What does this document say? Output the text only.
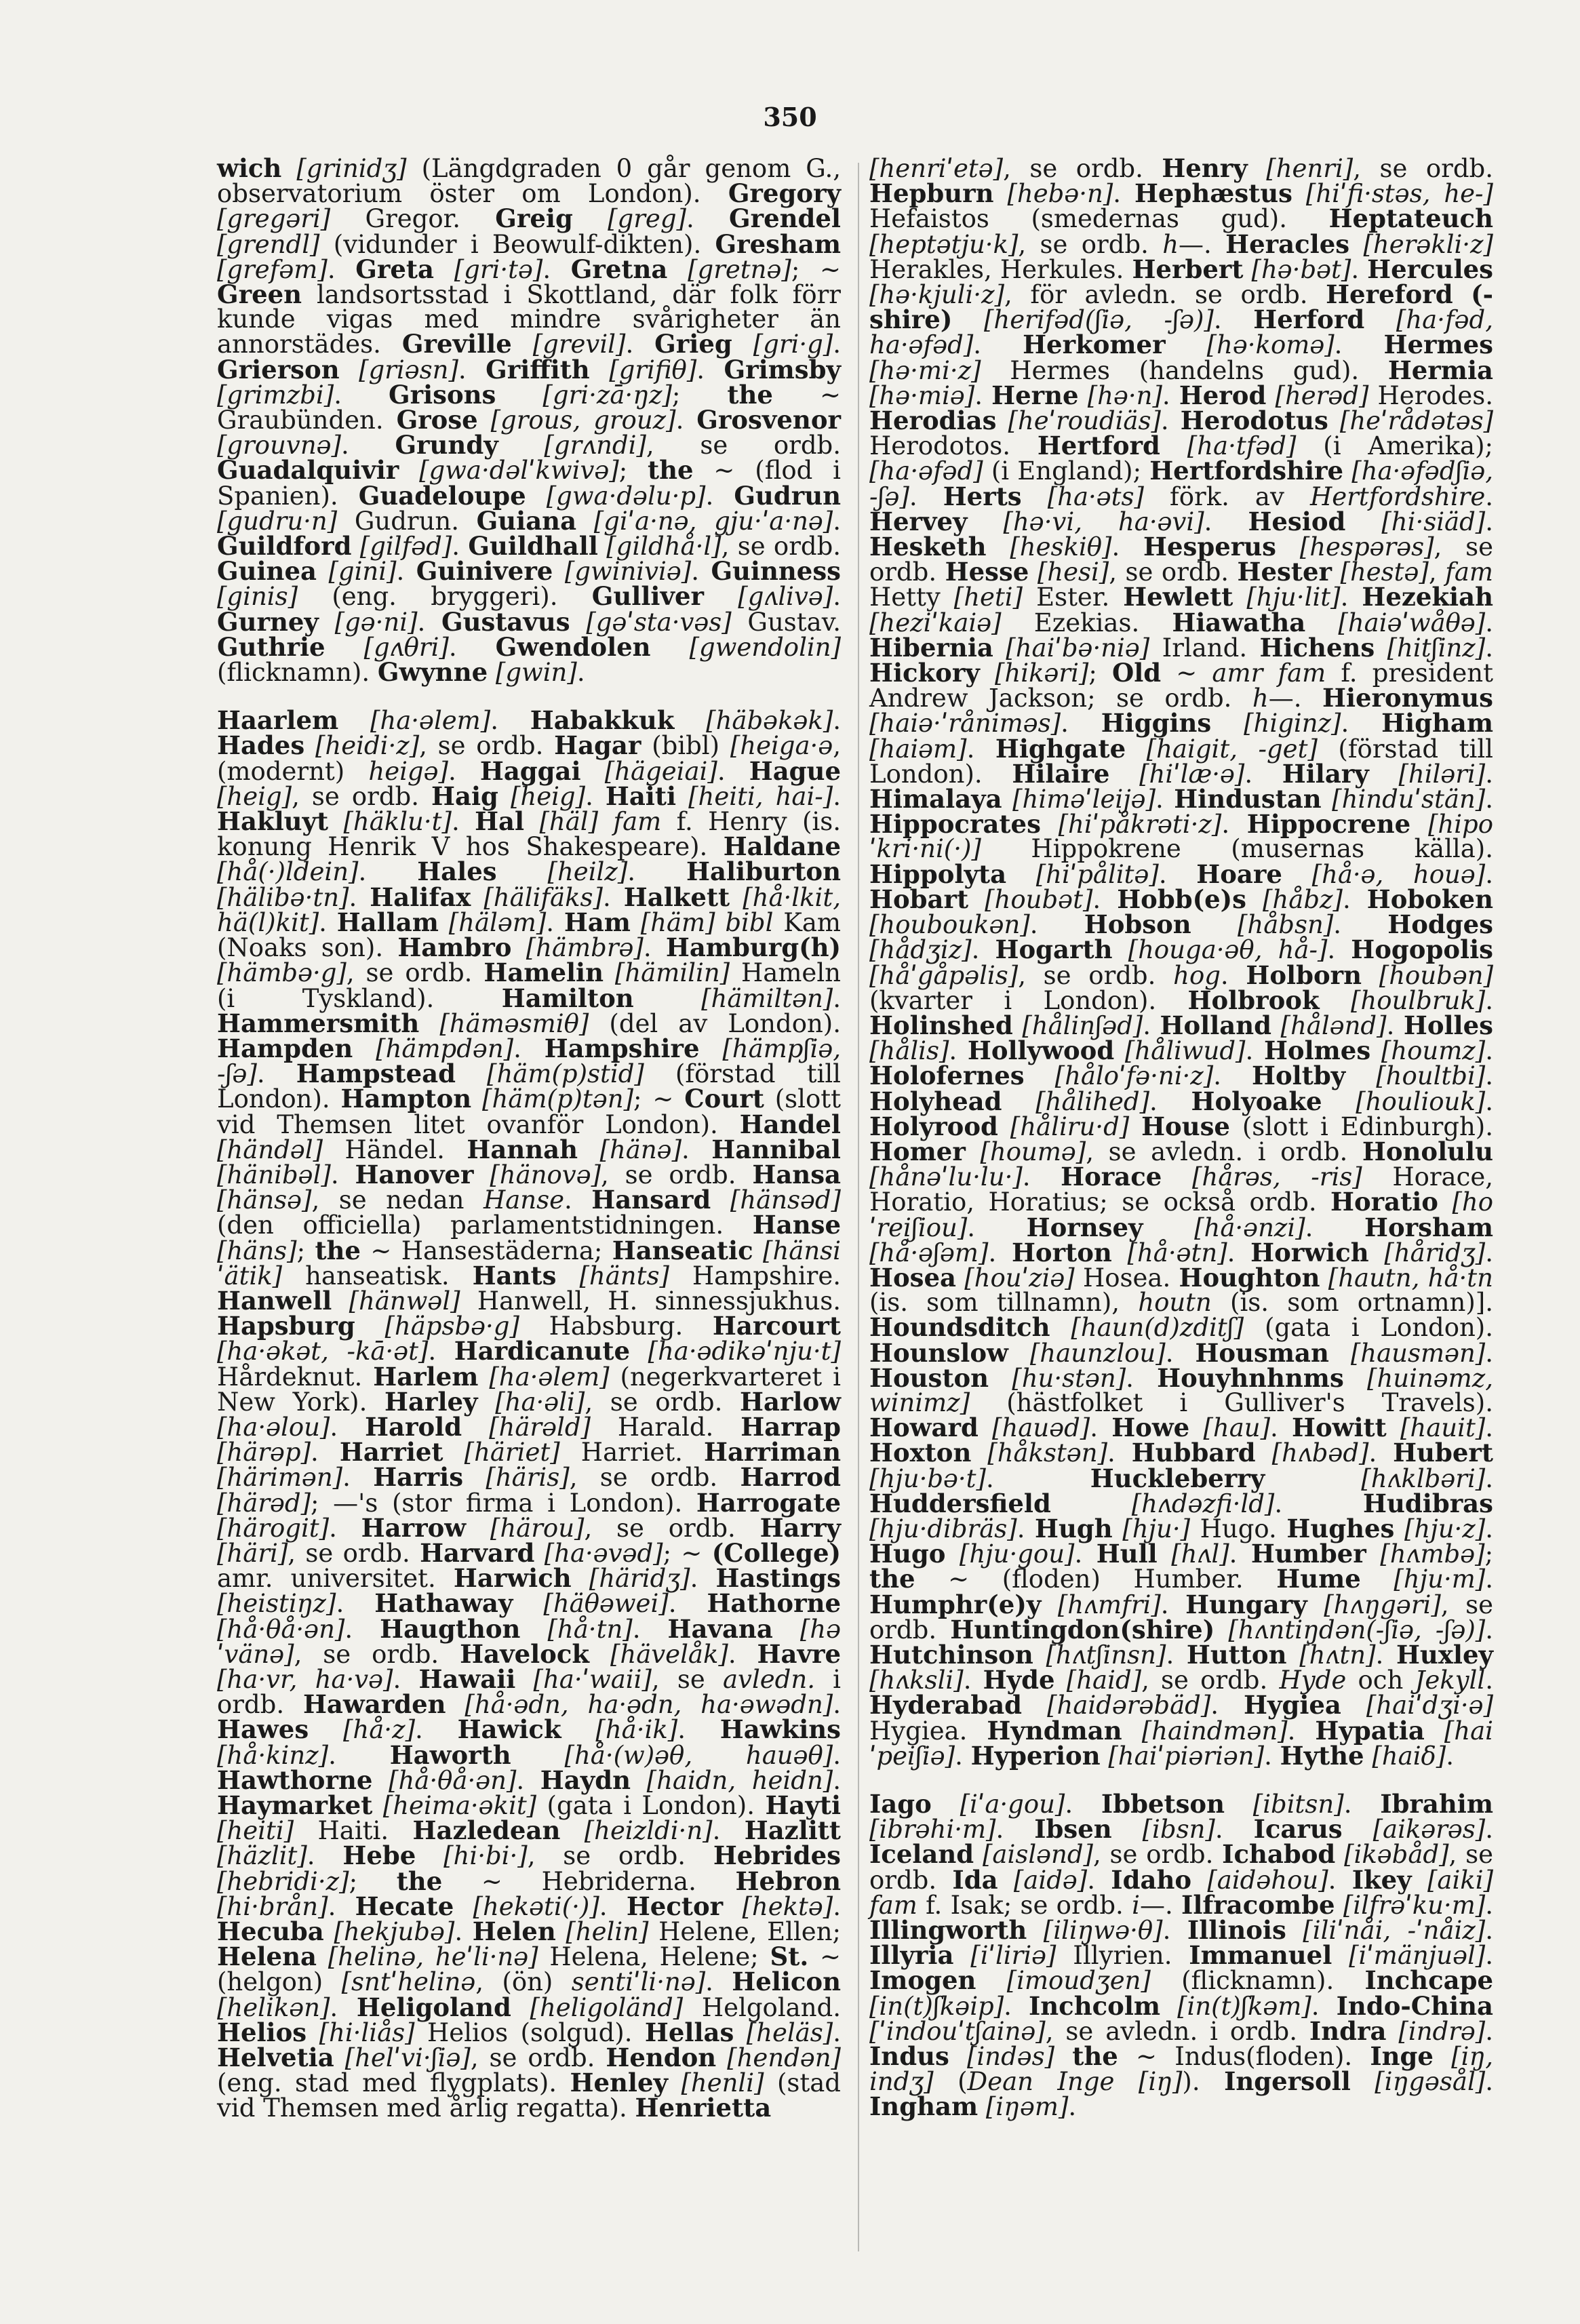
350

wich [grinidʒ] (Längdgraden 0 går genom G., observatorium öster om London). Gregory [gregəri] Gregor. Greig [greg]. Grendel [grendl] (vidunder i Beowulf-dikten). Gresham [grefəm]. Greta [gri·tə]. Gretna [gretnə]; ~ Green landsortsstad i Skottland, där folk förr kunde vigas med mindre svårigheter än annorstädes. Greville [grevil]. Grieg [gri·g]. Grierson [griəsn]. Griffith [grifiθ]. Grimsby [grimzbi]. Grisons [gri·zā·ŋz]; the ~ Graubünden. Grose [grous, grouz]. Grosvenor [grouvnə]. Grundy [grʌndi], se ordb. Guadalquivir [gwa·dəlˈkwivə]; the ~ (flod i Spanien). Guadeloupe [gwa·dəlu·p]. Gudrun [gudru·n] Gudrun. Guiana [giˈa·nə, gju·ˈa·nə]. Guildford [gilfəd]. Guildhall [gildhå·l], se ordb. Guinea [gini]. Guinivere [gwiniviə]. Guinness [ginis] (eng. bryggeri). Gulliver [gʌlivə]. Gurney [gə·ni]. Gustavus [gəˈsta·vəs] Gustav. Guthrie [gʌθri]. Gwendolen [gwendolin] (flicknamn). Gwynne [gwin].

Haarlem [ha·əlem]. Habakkuk [häbəkək]. Hades [heidi·z], se ordb. Hagar (bibl) [heiga·ə, (modernt) heigə]. Haggai [hägeiai]. Hague [heig], se ordb. Haig [heig]. Haiti [heiti, hai-]. Hakluyt [häklu·t]. Hal [häl] fam f. Henry (is. konung Henrik V hos Shakespeare). Haldane [hå(·)ldein]. Hales [heilz]. Haliburton [hälibə·tn]. Halifax [hälifäks]. Halkett [hå·lkit, hä(l)kit]. Hallam [häləm]. Ham [häm] bibl Kam (Noaks son). Hambro [hämbrə]. Hamburg(h) [hämbə·g], se ordb. Hamelin [hämilin] Hameln (i Tyskland). Hamilton	[hämiltən]. Hammersmith [häməsmiθ] (del av London). Hampden [hämpdən]. Hampshire [hämpʃiə, -ʃə]. Hampstead [häm(p)stid] (förstad till London). Hampton [häm(p)tən]; ~ Court (slott vid Themsen litet ovanför London). Handel [händəl] Händel. Hannah [hänə]. Hannibal [hänibəl]. Hanover [hänovə], se ordb. Hansa [hänsə], se nedan Hanse. Hansard [hänsəd] (den officiella) parlamentstidningen. Hanse [häns]; the ~ Hansestäderna; Hanseatic [hänsiˈätik] hanseatisk. Hants [hänts] Hampshire. Hanwell [hänwəl] Hanwell, H. sinnessjukhus. Hapsburg [häpsbə·g] Habsburg. Harcourt [ha·əkət, -kā·ət]. Hardicanute [ha·ədikəˈnju·t] Hårdeknut. Harlem [ha·əlem] (negerkvarteret i New York). Harley [ha·əli], se ordb. Harlow [ha·əlou]. Harold [härəld] Harald. Harrap [härəp]. Harriet [häriet] Harriet. Harriman [härimən]. Harris [häris], se ordb. Harrod [härəd]; —'s (stor firma i London). Harrogate [härogit]. Harrow [härou], se ordb. Harry [häri], se ordb. Harvard [ha·əvəd]; ~ (College) amr. universitet. Harwich [häridʒ]. Hastings [heistiŋz]. Hathaway [häθəwei]. Hathorne [hå·θå·ən]. Haugthon [hå·tn]. Havana [həˈvänə], se ordb. Havelock [hävelåk]. Havre [ha·vr, ha·və]. Hawaii [ha·ˈwaii], se avledn. i ordb. Hawarden [hå·ədn, ha·ədn, ha·əwədn]. Hawes [hå·z]. Hawick [hå·ik]. Hawkins [hå·kinz]. Haworth [hå·(w)əθ, hauəθ]. Hawthorne [hå·θå·ən]. Haydn [haidn, heidn]. Haymarket [heima·əkit] (gata i London). Hayti [heiti] Haiti. Hazledean [heizldi·n]. Hazlitt [häzlit]. Hebe [hi·bi·], se ordb. Hebrides [hebridi·z]; the ~ Hebriderna. Hebron [hi·brån]. Hecate [hekəti(·)]. Hector [hektə]. Hecuba [hekjubə]. Helen [helin] Helene, Ellen; Helena [helinə, heˈli·nə] Helena, Helene; St. ~ (helgon) [sntˈhelinə, (ön) sentiˈli·nə]. Helicon [helikən]. Heligoland [heligoländ] Helgoland. Helios [hi·liås] Helios (solgud). Hellas [heläs]. Helvetia [helˈvi·ʃiə], se ordb. Hendon [hendən] (eng. stad med flygplats). Henley [henli] (stad vid Themsen med årlig regatta). Henrietta

[henriˈetə], se ordb. Henry [henri], se ordb. Hepburn [hebə·n]. Hephæstus [hiˈfi·stəs, he-] Hefaistos (smedernas gud). Heptateuch [heptətju·k], se ordb. h—. Heracles [herəkli·z] Herakles, Herkules. Herbert [hə·bət]. Hercules [hə·kjuli·z], för avledn. se ordb. Hereford (-shire) [herifəd(ʃiə, -ʃə)]. Herford [ha·fəd, ha·əfəd]. Herkomer [hə·komə]. Hermes [hə·mi·z] Hermes (handelns gud). Hermia [hə·miə]. Herne [hə·n]. Herod [herəd] Herodes. Herodias [heˈroudiäs]. Herodotus [heˈrådətəs] Herodotos. Hertford [ha·tfəd] (i Amerika); [ha·əfəd] (i England); Hertfordshire [ha·əfədʃiə, -ʃə]. Herts [ha·əts] förk. av Hertfordshire. Hervey [hə·vi, ha·əvi]. Hesiod [hi·siäd]. Hesketh [heskiθ]. Hesperus [hespərəs], se ordb. Hesse [hesi], se ordb. Hester [hestə], fam Hetty [heti] Ester. Hewlett [hju·lit]. Hezekiah [heziˈkaiə] Ezekias. Hiawatha [haiəˈwåθə]. Hibernia [haiˈbə·niə] Irland. Hichens [hitʃinz]. Hickory [hikəri]; Old ~ amr fam f. president Andrew Jackson; se ordb. h—. Hieronymus [haiə·ˈrånimәs]. Higgins [higinz]. Higham [haiəm]. Highgate [haigit, -get] (förstad till London). Hilaire [hiˈlæ·ə]. Hilary [hiləri]. Himalaya [himəˈleijə]. Hindustan [hinduˈstän]. Hippocrates [hiˈpåkrəti·z]. Hippocrene [hipoˈkri·ni(·)] Hippokrene (musernas källa). Hippolyta [hiˈpålitə]. Hoare [hå·ə, houə]. Hobart [houbət]. Hobb(e)s [håbz]. Hoboken [houboukən]. Hobson [håbsn]. Hodges [hådʒiz]. Hogarth [houga·əθ, hå-]. Hogopolis [håˈgåpəlis], se ordb. hog. Holborn [houbən] (kvarter i London). Holbrook [houlbruk]. Holinshed [hålinʃəd]. Holland [hålənd]. Holles [hålis]. Hollywood [håliwud]. Holmes [houmz]. Holofernes [håloˈfə·ni·z]. Holtby [houltbi]. Holyhead [hålihed]. Holyoake [houliouk]. Holyrood [håliru·d] House (slott i Edinburgh). Homer [houmə], se avledn. i ordb. Honolulu [hånəˈlu·lu·]. Horace [hårəs, -ris] Horace, Horatio, Horatius; se också ordb. Horatio [hoˈreiʃiou]. Hornsey [hå·ənzi]. Horsham [hå·əʃəm]. Horton [hå·ətn]. Horwich [håridʒ]. Hosea [houˈziə] Hosea. Houghton [hautn, hå·tn (is. som tillnamn), houtn (is. som ortnamn)]. Houndsditch [haun(d)zditʃ] (gata i London). Hounslow [haunzlou]. Housman [hausmən]. Houston [hu·stən]. Houyhnhnms [huinəmz, winimz] (hästfolket i Gulliver's Travels). Howard [hauəd]. Howe [hau]. Howitt [hauit]. Hoxton [håkstən]. Hubbard [hʌbəd]. Hubert [hju·bə·t]. Huckleberry	[hʌklbəri]. Huddersfield	[hʌdəzfi·ld]. Hudibras [hju·dibräs]. Hugh [hju·] Hugo. Hughes [hju·z]. Hugo [hju·gou]. Hull [hʌl]. Humber [hʌmbə]; the ~ (floden) Humber. Hume [hju·m]. Humphr(e)y [hʌmfri]. Hungary [hʌŋgəri], se ordb. Huntingdon(shire) [hʌntiŋdən(-ʃiə, -ʃə)]. Hutchinson [hʌtʃinsn]. Hutton [hʌtn]. Huxley [hʌksli]. Hyde [haid], se ordb. Hyde och Jekyll. Hyderabad [haidərəbäd]. Hygiea [haiˈdʒi·ə] Hygiea. Hyndman [haindmən]. Hypatia [haiˈpeiʃiə]. Hyperion [haiˈpiəriən]. Hythe [haiδ].

Iago [iˈa·gou]. Ibbetson [ibitsn]. Ibrahim [ibrəhi·m]. Ibsen [ibsn]. Icarus [aikərəs]. Iceland [aislənd], se ordb. Ichabod [ikəbåd], se ordb. Ida [aidə]. Idaho [aidəhou]. Ikey [aiki] fam f. Isak; se ordb. i—. Ilfracombe [ilfrəˈku·m]. Illingworth [iliŋwə·θ]. Illinois [iliˈnåi, -ˈnåiz]. Illyria [iˈliriə] Illyrien. Immanuel [iˈmänjuəl]. Imogen [imoudʒen] (flicknamn). Inchcape [in(t)ʃkəip]. Inchcolm [in(t)ʃkəm]. Indo-China [ˈindouˈtʃainə], se avledn. i ordb. Indra [indrə]. Indus [indəs] the ~ Indus(floden). Inge [iŋ, indʒ] (Dean Inge [iŋ]). Ingersoll [iŋgəsål]. Ingham [iŋəm].
